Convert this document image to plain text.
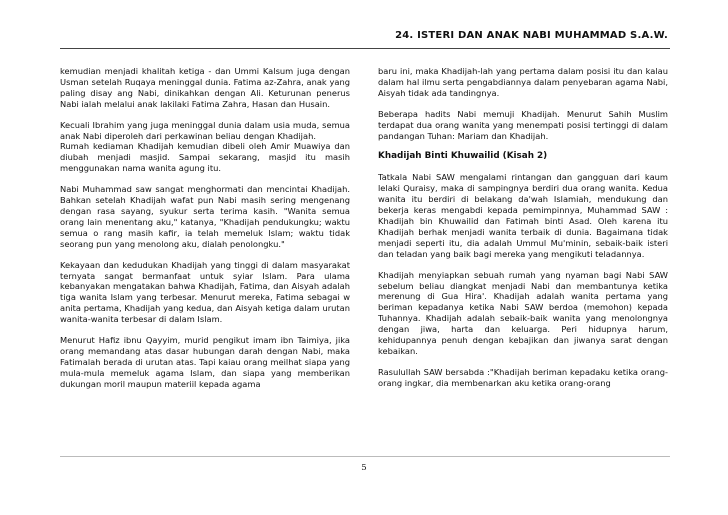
24. ISTERI DAN ANAK NABI MUHAMMAD S.A.W.

kemudian menjadi khalitah ketiga - dan Ummi Kalsum juga dengan Usman setelah Ruqaya meninggal dunia. Fatima az-Zahra, anak yang paling disay ang Nabi, dinikahkan dengan Ali. Keturunan penerus Nabi ialah melalui anak lakilaki Fatima Zahra, Hasan dan Husain.

Kecuali Ibrahim yang juga meninggal dunia dalam usia muda, semua anak Nabi diperoleh dari perkawinan beliau dengan Khadijah.

Rumah kediaman Khadijah kemudian dibeli oleh Amir Muawiya dan diubah menjadi masjid. Sampai sekarang, masjid itu masih menggunakan nama wanita agung itu.

Nabi Muhammad saw sangat menghormati dan mencintai Khadijah. Bahkan setelah Khadijah wafat pun Nabi masih sering mengenang dengan rasa sayang, syukur serta terima kasih. "Wanita semua orang lain menentang aku," katanya, "Khadijah pendukungku; waktu semua o rang masih kafir, ia telah memeluk Islam; waktu tidak seorang pun yang menolong aku, dialah penolongku."

Kekayaan dan kedudukan Khadijah yang tinggi di dalam masyarakat ternyata sangat bermanfaat untuk syiar Islam. Para ulama kebanyakan mengatakan bahwa Khadijah, Fatima, dan Aisyah adalah tiga wanita Islam yang terbesar. Menurut mereka, Fatima sebagai w anita pertama, Khadijah yang kedua, dan Aisyah ketiga dalam urutan wanita-wanita terbesar di dalam Islam.

Menurut Hafiz ibnu Qayyim, murid pengikut imam ibn Taimiya, jika orang memandang atas dasar hubungan darah dengan Nabi, maka Fatimalah berada di urutan atas. Tapi kaiau orang meilhat siapa yang mula-mula memeluk agama Islam, dan siapa yang memberikan dukungan moril maupun materiil kepada agama

baru ini, maka Khadijah-lah yang pertama dalam posisi itu dan kalau dalam hal ilmu serta pengabdiannya dalam penyebaran agama Nabi, Aisyah tidak ada tandingnya.

Beberapa hadits Nabi memuji Khadijah. Menurut Sahih Muslim terdapat dua orang wanita yang menempati posisi tertinggi di dalam pandangan Tuhan: Mariam dan Khadijah.

Khadijah Binti Khuwailid (Kisah 2)

Tatkala Nabi SAW mengalami rintangan dan gangguan dari kaum lelaki Quraisy, maka di sampingnya berdiri dua orang wanita. Kedua wanita itu berdiri di belakang da'wah Islamiah, mendukung dan bekerja keras mengabdi kepada pemimpinnya, Muhammad SAW : Khadijah bin Khuwailid dan Fatimah binti Asad. Oleh karena itu Khadijah berhak menjadi wanita terbaik di dunia. Bagaimana tidak menjadi seperti itu, dia adalah Ummul Mu'minin, sebaik-baik isteri dan teladan yang baik bagi mereka yang mengikuti teladannya.

Khadijah menyiapkan sebuah rumah yang nyaman bagi Nabi SAW sebelum beliau diangkat menjadi Nabi dan membantunya ketika merenung di Gua Hira'. Khadijah adalah wanita pertama yang beriman kepadanya ketika Nabi SAW berdoa (memohon) kepada Tuhannya. Khadijah adalah sebaik-baik wanita yang menolongnya dengan jiwa, harta dan keluarga. Peri hidupnya harum, kehidupannya penuh dengan kebajikan dan jiwanya sarat dengan kebaikan.

Rasulullah SAW bersabda :"Khadijah beriman kepadaku ketika orang-orang ingkar, dia membenarkan aku ketika orang-orang

5
